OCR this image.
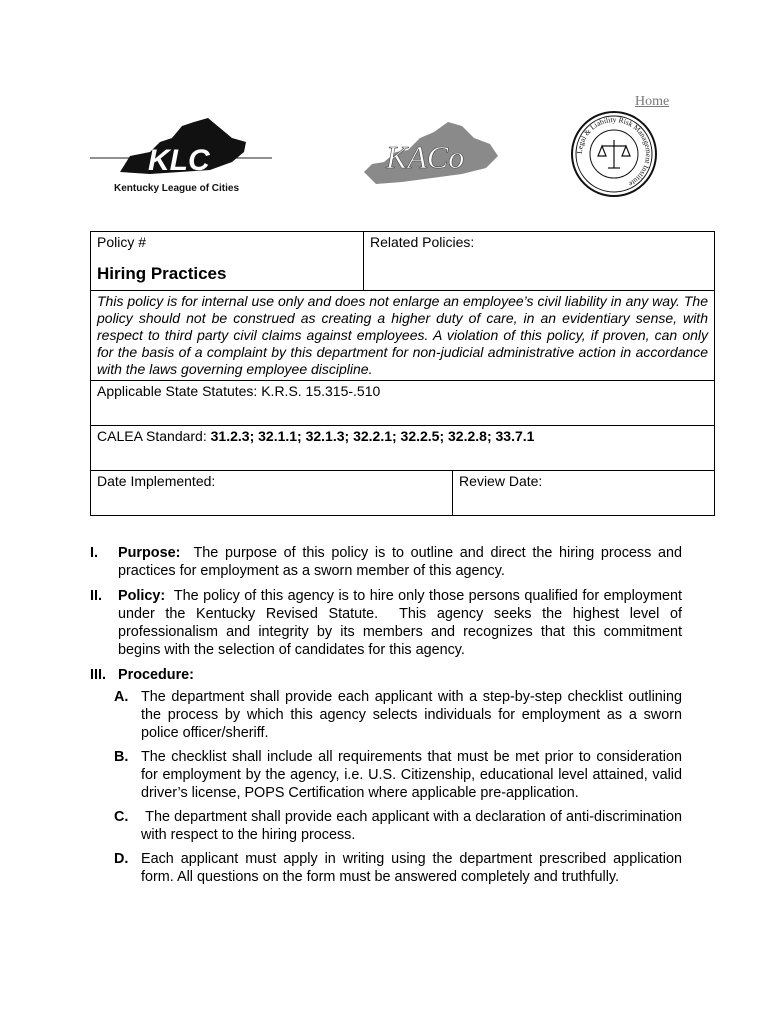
Home
KLC
Kentucky League of Cities
KACo	Legal & Liability Risk Management Institute
Policy #
Hiring Practices	Related Policies:	
This policy is for internal use only and does not enlarge an employee’s civil liability in any way. The policy should not be construed as creating a higher duty of care, in an evidentiary sense, with respect to third party civil claims against employees. A violation of this policy, if proven, can only for the basis of a complaint by this department for non-judicial administrative action in accordance with the laws governing employee discipline.		
Applicable State Statutes: K.R.S. 15.315-.510		
CALEA Standard: 31.2.3; 32.1.1; 32.1.3; 32.2.1; 32.2.5; 32.2.8; 33.7.1		
Date Implemented:		Review Date:
I. Purpose:  The purpose of this policy is to outline and direct the hiring process and practices for employment as a sworn member of this agency.
II. Policy:  The policy of this agency is to hire only those persons qualified for employment under the Kentucky Revised Statute.  This agency seeks the highest level of professionalism and integrity by its members and recognizes that this commitment begins with the selection of candidates for this agency.
III. Procedure:
A. The department shall provide each applicant with a step-by-step checklist outlining the process by which this agency selects individuals for employment as a sworn police officer/sheriff.
B. The checklist shall include all requirements that must be met prior to consideration for employment by the agency, i.e. U.S. Citizenship, educational level attained, valid driver’s license, POPS Certification where applicable pre-application.
C. The department shall provide each applicant with a declaration of anti-discrimination with respect to the hiring process.
D. Each applicant must apply in writing using the department prescribed application form. All questions on the form must be answered completely and truthfully.
